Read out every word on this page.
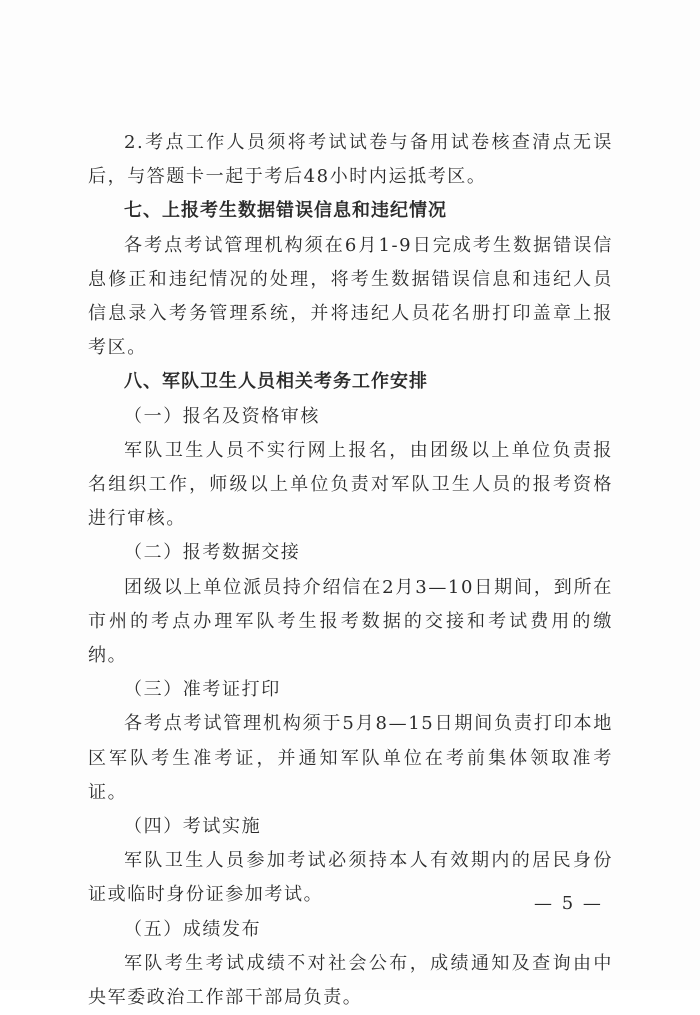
2.考点工作人员须将考试试卷与备用试卷核查清点无误后，与答题卡一起于考后48小时内运抵考区。

七、上报考生数据错误信息和违纪情况

各考点考试管理机构须在6月1-9日完成考生数据错误信息修正和违纪情况的处理，将考生数据错误信息和违纪人员信息录入考务管理系统，并将违纪人员花名册打印盖章上报考区。

八、军队卫生人员相关考务工作安排

（一）报名及资格审核

军队卫生人员不实行网上报名，由团级以上单位负责报名组织工作，师级以上单位负责对军队卫生人员的报考资格进行审核。

（二）报考数据交接

团级以上单位派员持介绍信在2月3—10日期间，到所在市州的考点办理军队考生报考数据的交接和考试费用的缴纳。

（三）准考证打印

各考点考试管理机构须于5月8—15日期间负责打印本地区军队考生准考证，并通知军队单位在考前集体领取准考证。

（四）考试实施

军队卫生人员参加考试必须持本人有效期内的居民身份证或临时身份证参加考试。

（五）成绩发布

军队考生考试成绩不对社会公布，成绩通知及查询由中央军委政治工作部干部局负责。

— 5 —
